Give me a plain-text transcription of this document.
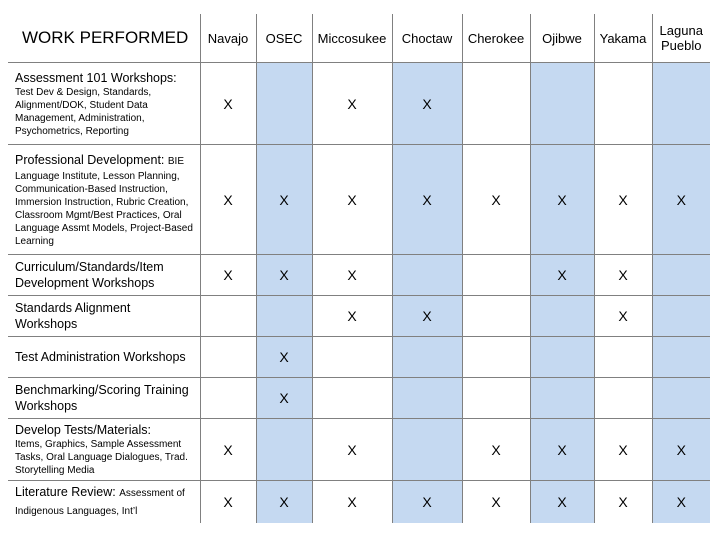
WORK PERFORMED	Navajo	OSEC	Miccosukee	Choctaw	Cherokee	Ojibwe	Yakama	Laguna Pueblo

Assessment 101 Workshops:
Test Dev & Design, Standards, Alignment/DOK, Student Data Management, Administration, Psychometrics, Reporting	X		X	X				

Professional Development: BIE
Language Institute, Lesson Planning, Communication-Based Instruction, Immersion Instruction, Rubric Creation, Classroom Mgmt/Best Practices, Oral Language Assmt Models, Project-Based Learning	X	X	X	X	X	X	X	X

Curriculum/Standards/Item Development Workshops	X	X	X			X	X	

Standards Alignment Workshops			X	X			X	

Test Administration Workshops		X						

Benchmarking/Scoring Training Workshops		X						

Develop Tests/Materials:
Items, Graphics, Sample Assessment Tasks, Oral Language Dialogues, Trad. Storytelling Media	X		X		X	X	X	X

Literature Review: Assessment of Indigenous Languages, Int’l	X	X	X	X	X	X	X	X
